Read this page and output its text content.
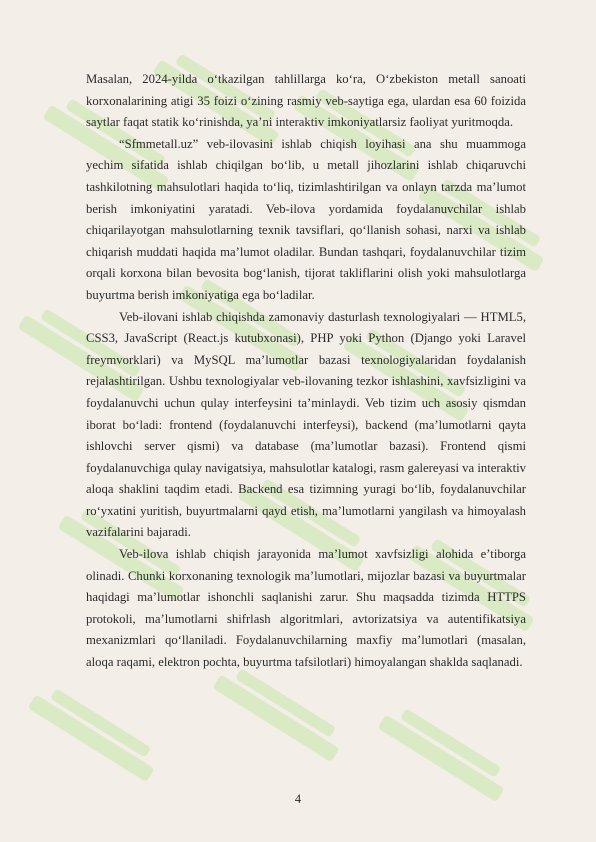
Masalan, 2024-yilda o‘tkazilgan tahlillarga ko‘ra, O‘zbekiston metall sanoati korxonalarining atigi 35 foizi o‘zining rasmiy veb-saytiga ega, ulardan esa 60 foizida saytlar faqat statik ko‘rinishda, ya’ni interaktiv imkoniyatlarsiz faoliyat yuritmoqda.

“Sfmmetall.uz” veb-ilovasini ishlab chiqish loyihasi ana shu muammoga yechim sifatida ishlab chiqilgan bo‘lib, u metall jihozlarini ishlab chiqaruvchi tashkilotning mahsulotlari haqida to‘liq, tizimlashtirilgan va onlayn tarzda ma’lumot berish imkoniyatini yaratadi. Veb-ilova yordamida foydalanuvchilar ishlab chiqarilayotgan mahsulotlarning texnik tavsiflari, qo‘llanish sohasi, narxi va ishlab chiqarish muddati haqida ma’lumot oladilar. Bundan tashqari, foydalanuvchilar tizim orqali korxona bilan bevosita bog‘lanish, tijorat takliflarini olish yoki mahsulotlarga buyurtma berish imkoniyatiga ega bo‘ladilar.

Veb-ilovani ishlab chiqishda zamonaviy dasturlash texnologiyalari — HTML5, CSS3, JavaScript (React.js kutubxonasi), PHP yoki Python (Django yoki Laravel freymvorklari) va MySQL ma’lumotlar bazasi texnologiyalaridan foydalanish rejalashtirilgan. Ushbu texnologiyalar veb-ilovaning tezkor ishlashini, xavfsizligini va foydalanuvchi uchun qulay interfeysini ta’minlaydi. Veb tizim uch asosiy qismdan iborat bo‘ladi: frontend (foydalanuvchi interfeysi), backend (ma’lumotlarni qayta ishlovchi server qismi) va database (ma’lumotlar bazasi). Frontend qismi foydalanuvchiga qulay navigatsiya, mahsulotlar katalogi, rasm galereyasi va interaktiv aloqa shaklini taqdim etadi. Backend esa tizimning yuragi bo‘lib, foydalanuvchilar ro‘yxatini yuritish, buyurtmalarni qayd etish, ma’lumotlarni yangilash va himoyalash vazifalarini bajaradi.

Veb-ilova ishlab chiqish jarayonida ma’lumot xavfsizligi alohida e’tiborga olinadi. Chunki korxonaning texnologik ma’lumotlari, mijozlar bazasi va buyurtmalar haqidagi ma’lumotlar ishonchli saqlanishi zarur. Shu maqsadda tizimda HTTPS protokoli, ma’lumotlarni shifrlash algoritmlari, avtorizatsiya va autentifikatsiya mexanizmlari qo‘llaniladi. Foydalanuvchilarning maxfiy ma’lumotlari (masalan, aloqa raqami, elektron pochta, buyurtma tafsilotlari) himoyalangan shaklda saqlanadi.

4
